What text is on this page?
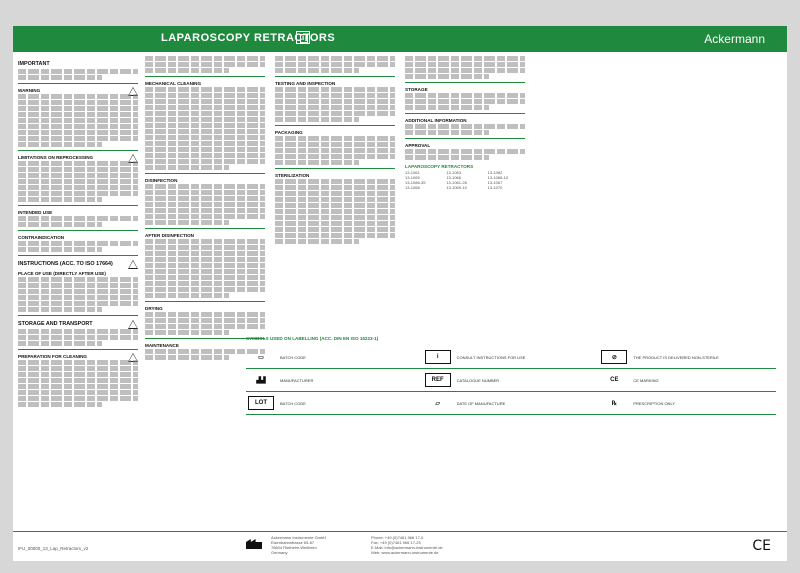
LAPAROSCOPY RETRACTORS
i	Ackermann
IMPORTANT
WARNING
LIMITATIONS ON REPROCESSING
INTENDED USE
CONTRAINDICATION
INSTRUCTIONS (ACC. TO ISO 17664)
PLACE OF USE (DIRECTLY AFTER USE)
STORAGE AND TRANSPORT
PREPARATION FOR CLEANING
MECHANICAL CLEANING
DISINFECTION
AFTER DISINFECTION
DRYING
MAINTENANCE
TESTING AND INSPECTION
PACKAGING
STERILIZATION
STORAGE
ADDITIONAL INFORMATION
APPROVAL
LAPAROSCOPY RETRACTORS
13-1061	13-1063	13-1082
13-1065	13-1066	13-1066-10
13-1086-35	13-1061-26	13-1067
13-1068	13-1069-10	13-1070
SYMBOLS USED ON LABELLING (ACC. DIN EN ISO 15223-1)
▭	BATCH CODE	i	CONSULT INSTRUCTIONS FOR USE	⊘	THE PRODUCT IS DELIVERED NON-STERILE
▟▟	MANUFACTURER	REF	CATALOGUE NUMBER	CE	CE MARKING
LOT	BATCH CODE	▱	DATE OF MANUFACTURE	℞	PRESCRIPTION ONLY
IFU_00000_13_Lap_Retractors_v2
Ackermann Instrumente GmbH
Eisenbahnstrasse 65-67
78604 Rietheim-Weilheim
Germany
Phone: +49 (0)7461 966 17-0
Fax: +49 (0)7461 966 17-25
E-Mail: info@ackermann-instrumente.de
Web: www.ackermann-instrumente.de	CE
